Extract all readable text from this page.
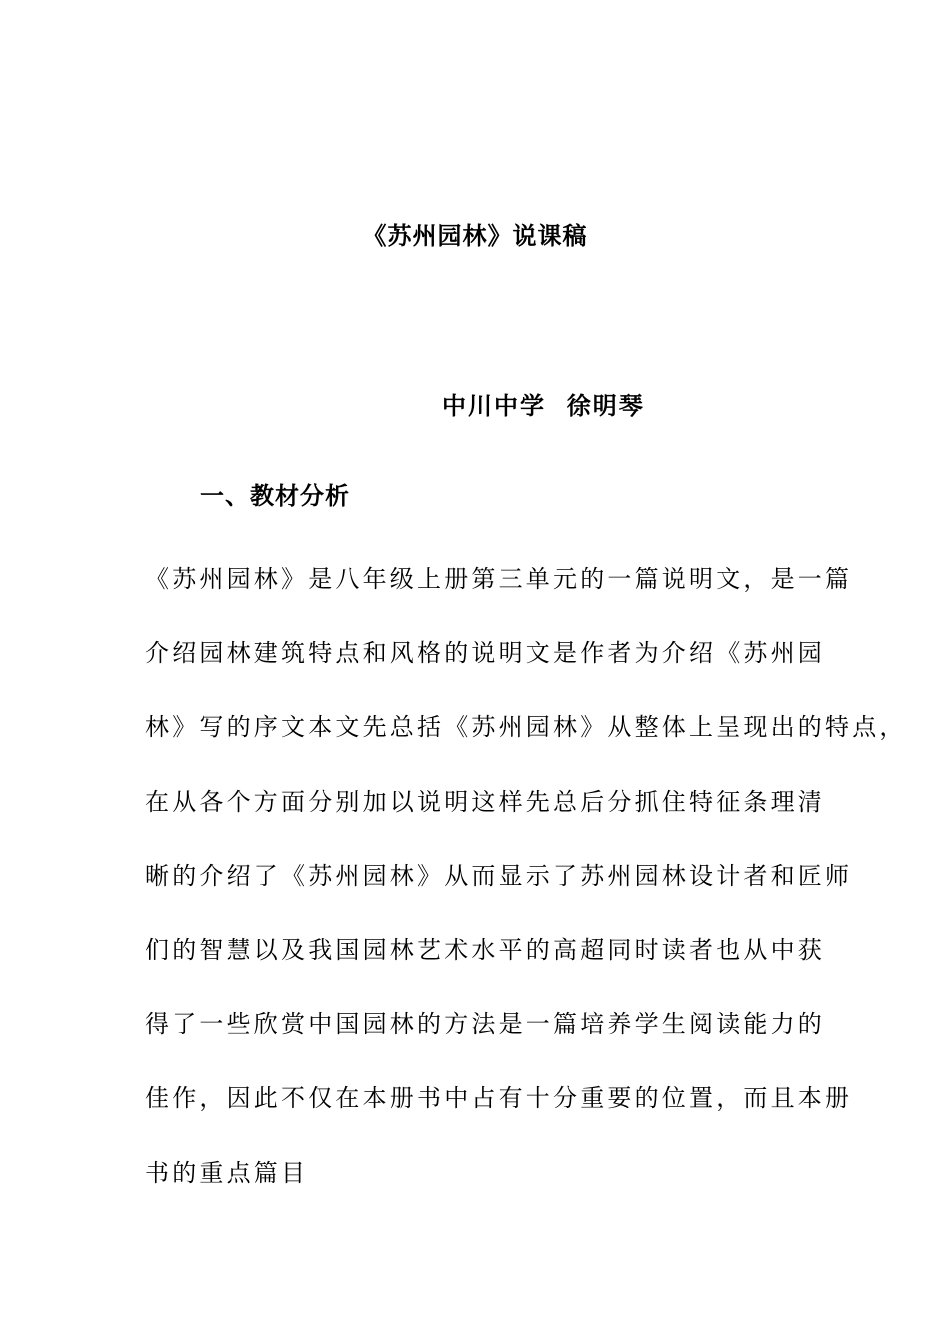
《苏州园林》说课稿
中川中学  徐明琴
一、教材分析
《苏州园林》是八年级上册第三单元的一篇说明文，是一篇
介绍园林建筑特点和风格的说明文是作者为介绍《苏州园
林》写的序文本文先总括《苏州园林》从整体上呈现出的特点，
在从各个方面分别加以说明这样先总后分抓住特征条理清
晰的介绍了《苏州园林》从而显示了苏州园林设计者和匠师
们的智慧以及我国园林艺术水平的高超同时读者也从中获
得了一些欣赏中国园林的方法是一篇培养学生阅读能力的
佳作，因此不仅在本册书中占有十分重要的位置，而且本册
书的重点篇目
